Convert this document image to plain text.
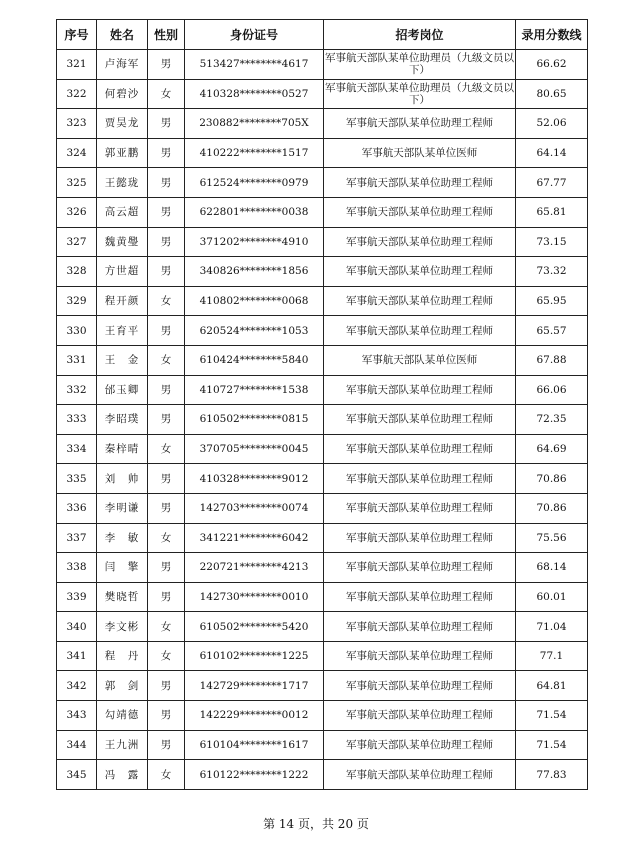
序号	姓名	性别	身份证号	招考岗位	录用分数线
321	卢海军	男	513427********4617	军事航天部队某单位助理员（九级文员以下）	66.62
322	何碧沙	女	410328********0527	军事航天部队某单位助理员（九级文员以下）	80.65
323	贾昊龙	男	230882********705X	军事航天部队某单位助理工程师	52.06
324	郭亚鹏	男	410222********1517	军事航天部队某单位医师	64.14
325	王懿珑	男	612524********0979	军事航天部队某单位助理工程师	67.77
326	高云超	男	622801********0038	军事航天部队某单位助理工程师	65.81
327	魏黄璺	男	371202********4910	军事航天部队某单位助理工程师	73.15
328	方世超	男	340826********1856	军事航天部队某单位助理工程师	73.32
329	程开颜	女	410802********0068	军事航天部队某单位助理工程师	65.95
330	王育平	男	620524********1053	军事航天部队某单位助理工程师	65.57
331	王　金	女	610424********5840	军事航天部队某单位医师	67.88
332	邰玉卿	男	410727********1538	军事航天部队某单位助理工程师	66.06
333	李昭璞	男	610502********0815	军事航天部队某单位助理工程师	72.35
334	秦梓晴	女	370705********0045	军事航天部队某单位助理工程师	64.69
335	刘　帅	男	410328********9012	军事航天部队某单位助理工程师	70.86
336	李明谦	男	142703********0074	军事航天部队某单位助理工程师	70.86
337	李　敏	女	341221********6042	军事航天部队某单位助理工程师	75.56
338	闫　擎	男	220721********4213	军事航天部队某单位助理工程师	68.14
339	樊晓哲	男	142730********0010	军事航天部队某单位助理工程师	60.01
340	李文彬	女	610502********5420	军事航天部队某单位助理工程师	71.04
341	程　丹	女	610102********1225	军事航天部队某单位助理工程师	77.1
342	郭　剑	男	142729********1717	军事航天部队某单位助理工程师	64.81
343	勾靖德	男	142229********0012	军事航天部队某单位助理工程师	71.54
344	王九洲	男	610104********1617	军事航天部队某单位助理工程师	71.54
345	冯　露	女	610122********1222	军事航天部队某单位助理工程师	77.83
第 14 页，共 20 页
